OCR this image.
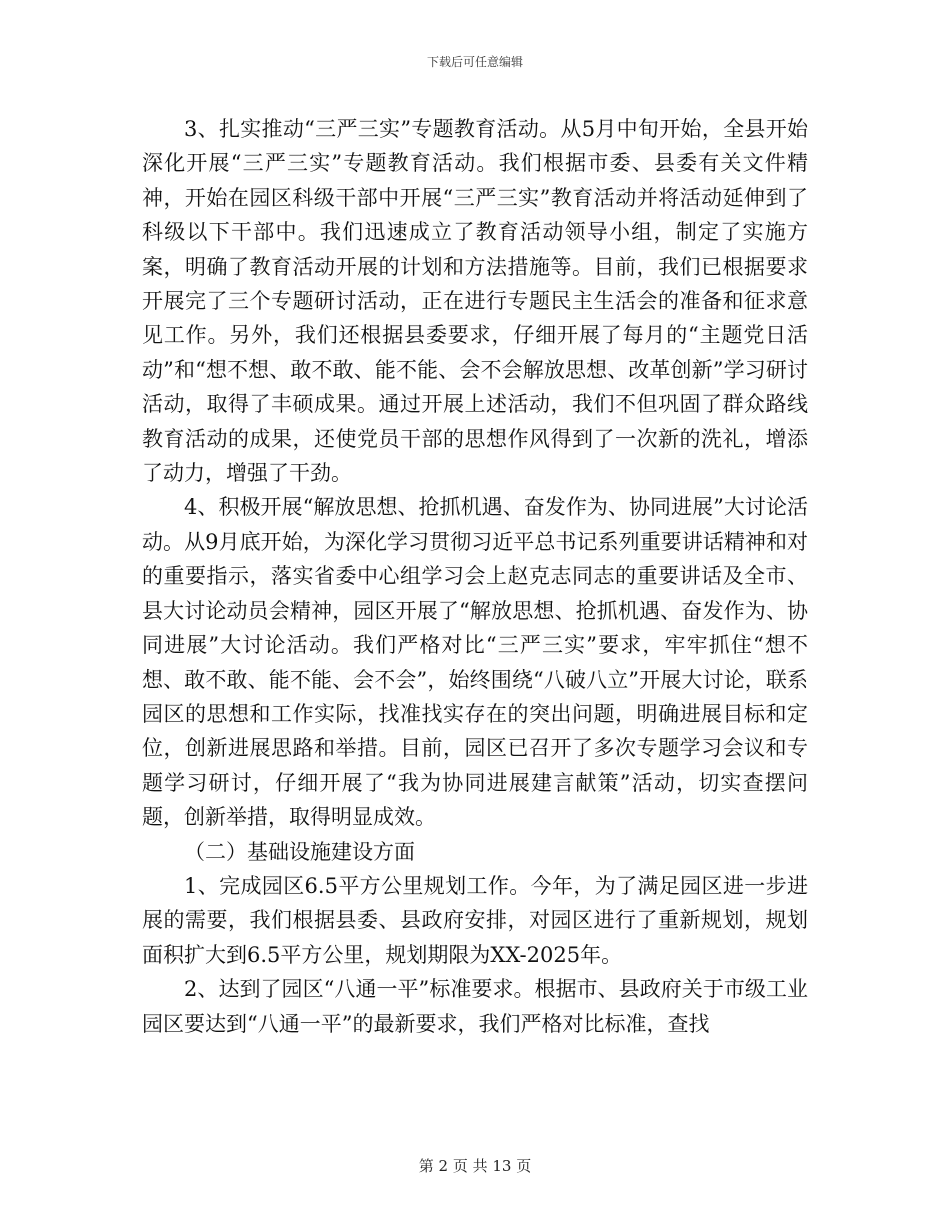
下载后可任意编辑

3、扎实推动“三严三实”专题教育活动。从5月中旬开始，全县开始深化开展“三严三实”专题教育活动。我们根据市委、县委有关文件精神，开始在园区科级干部中开展“三严三实”教育活动并将活动延伸到了科级以下干部中。我们迅速成立了教育活动领导小组，制定了实施方案，明确了教育活动开展的计划和方法措施等。目前，我们已根据要求开展完了三个专题研讨活动，正在进行专题民主生活会的准备和征求意见工作。另外，我们还根据县委要求，仔细开展了每月的“主题党日活动”和“想不想、敢不敢、能不能、会不会解放思想、改革创新”学习研讨活动，取得了丰硕成果。通过开展上述活动，我们不但巩固了群众路线教育活动的成果，还使党员干部的思想作风得到了一次新的洗礼，增添了动力，增强了干劲。

4、积极开展“解放思想、抢抓机遇、奋发作为、协同进展”大讨论活动。从9月底开始，为深化学习贯彻习近平总书记系列重要讲话精神和对的重要指示，落实省委中心组学习会上赵克志同志的重要讲话及全市、县大讨论动员会精神，园区开展了“解放思想、抢抓机遇、奋发作为、协同进展”大讨论活动。我们严格对比“三严三实”要求，牢牢抓住“想不想、敢不敢、能不能、会不会”，始终围绕“八破八立”开展大讨论，联系园区的思想和工作实际，找准找实存在的突出问题，明确进展目标和定位，创新进展思路和举措。目前，园区已召开了多次专题学习会议和专题学习研讨，仔细开展了“我为协同进展建言献策”活动，切实查摆问题，创新举措，取得明显成效。

（二）基础设施建设方面

1、完成园区6.5平方公里规划工作。今年，为了满足园区进一步进展的需要，我们根据县委、县政府安排，对园区进行了重新规划，规划面积扩大到6.5平方公里，规划期限为XX-2025年。

2、达到了园区“八通一平”标准要求。根据市、县政府关于市级工业园区要达到“八通一平”的最新要求，我们严格对比标准，查找

第 2 页 共 13 页
